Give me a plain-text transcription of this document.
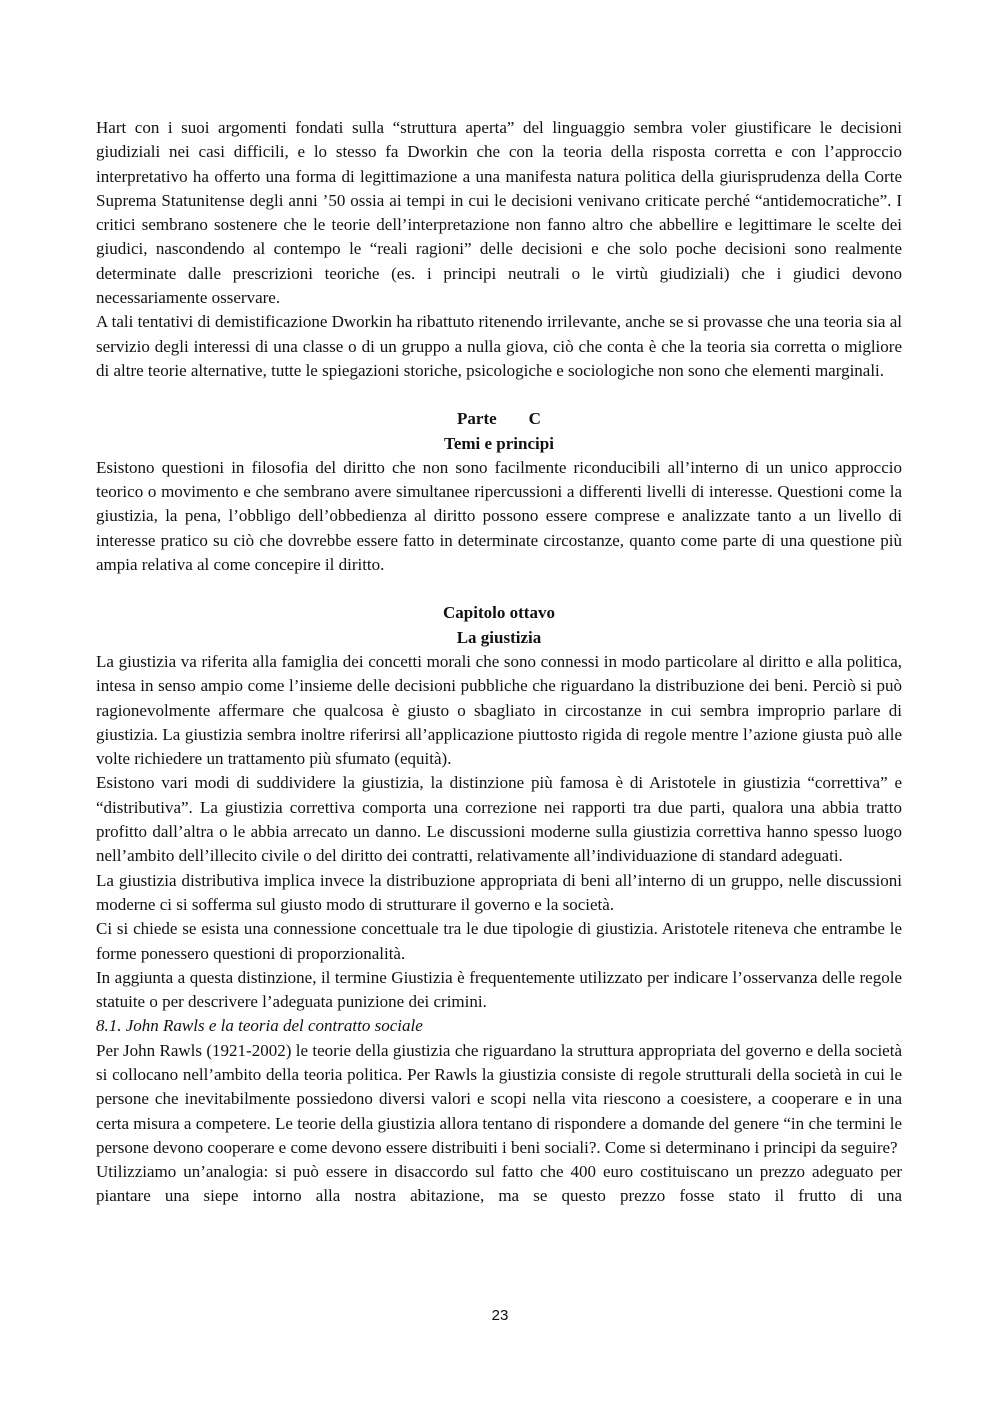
Hart con i suoi argomenti fondati sulla “struttura aperta” del linguaggio sembra voler giustificare le decisioni giudiziali nei casi difficili, e lo stesso fa Dworkin che con la teoria della risposta corretta e con l’approccio interpretativo ha offerto una forma di legittimazione a una manifesta natura politica della giurisprudenza della Corte Suprema Statunitense degli anni ’50 ossia ai tempi in cui le decisioni venivano criticate perché “antidemocratiche”. I critici sembrano sostenere che le teorie dell’interpretazione non fanno altro che abbellire e legittimare le scelte dei giudici, nascondendo al contempo le “reali ragioni” delle decisioni e che solo poche decisioni sono realmente determinate dalle prescrizioni teoriche (es. i principi neutrali o le virtù giudiziali) che i giudici devono necessariamente osservare.

A tali tentativi di demistificazione Dworkin ha ribattuto ritenendo irrilevante, anche se si provasse che una teoria sia al servizio degli interessi di una classe o di un gruppo a nulla giova, ciò che conta è che la teoria sia corretta o migliore di altre teorie alternative, tutte le spiegazioni storiche, psicologiche e sociologiche non sono che elementi marginali.

Parte C
Temi e principi

Esistono questioni in filosofia del diritto che non sono facilmente riconducibili all’interno di un unico approccio teorico o movimento e che sembrano avere simultanee ripercussioni a differenti livelli di interesse. Questioni come la giustizia, la pena, l’obbligo dell’obbedienza al diritto possono essere comprese e analizzate tanto a un livello di interesse pratico su ciò che dovrebbe essere fatto in determinate circostanze, quanto come parte di una questione più ampia relativa al come concepire il diritto.

Capitolo ottavo
La giustizia

La giustizia va riferita alla famiglia dei concetti morali che sono connessi in modo particolare al diritto e alla politica, intesa in senso ampio come l’insieme delle decisioni pubbliche che riguardano la distribuzione dei beni. Perciò si può ragionevolmente affermare che qualcosa è giusto o sbagliato in circostanze in cui sembra improprio parlare di giustizia. La giustizia sembra inoltre riferirsi all’applicazione piuttosto rigida di regole mentre l’azione giusta può alle volte richiedere un trattamento più sfumato (equità).

Esistono vari modi di suddividere la giustizia, la distinzione più famosa è di Aristotele in giustizia “correttiva” e “distributiva”. La giustizia correttiva comporta una correzione nei rapporti tra due parti, qualora una abbia tratto profitto dall’altra o le abbia arrecato un danno. Le discussioni moderne sulla giustizia correttiva hanno spesso luogo nell’ambito dell’illecito civile o del diritto dei contratti, relativamente all’individuazione di standard adeguati.

La giustizia distributiva implica invece la distribuzione appropriata di beni all’interno di un gruppo, nelle discussioni moderne ci si sofferma sul giusto modo di strutturare il governo e la società.

Ci si chiede se esista una connessione concettuale tra le due tipologie di giustizia. Aristotele riteneva che entrambe le forme ponessero questioni di proporzionalità.

In aggiunta a questa distinzione, il termine Giustizia è frequentemente utilizzato per indicare l’osservanza delle regole statuite o per descrivere l’adeguata punizione dei crimini.

8.1. John Rawls e la teoria del contratto sociale

Per John Rawls (1921-2002) le teorie della giustizia che riguardano la struttura appropriata del governo e della società si collocano nell’ambito della teoria politica. Per Rawls la giustizia consiste di regole strutturali della società in cui le persone che inevitabilmente possiedono diversi valori e scopi nella vita riescono a coesistere, a cooperare e in una certa misura a competere. Le teorie della giustizia allora tentano di rispondere a domande del genere “in che termini le persone devono cooperare e come devono essere distribuiti i beni sociali?. Come si determinano i principi da seguire?

Utilizziamo un’analogia: si può essere in disaccordo sul fatto che 400 euro costituiscano un prezzo adeguato per piantare una siepe intorno alla nostra abitazione, ma se questo prezzo fosse stato il frutto di una

23
